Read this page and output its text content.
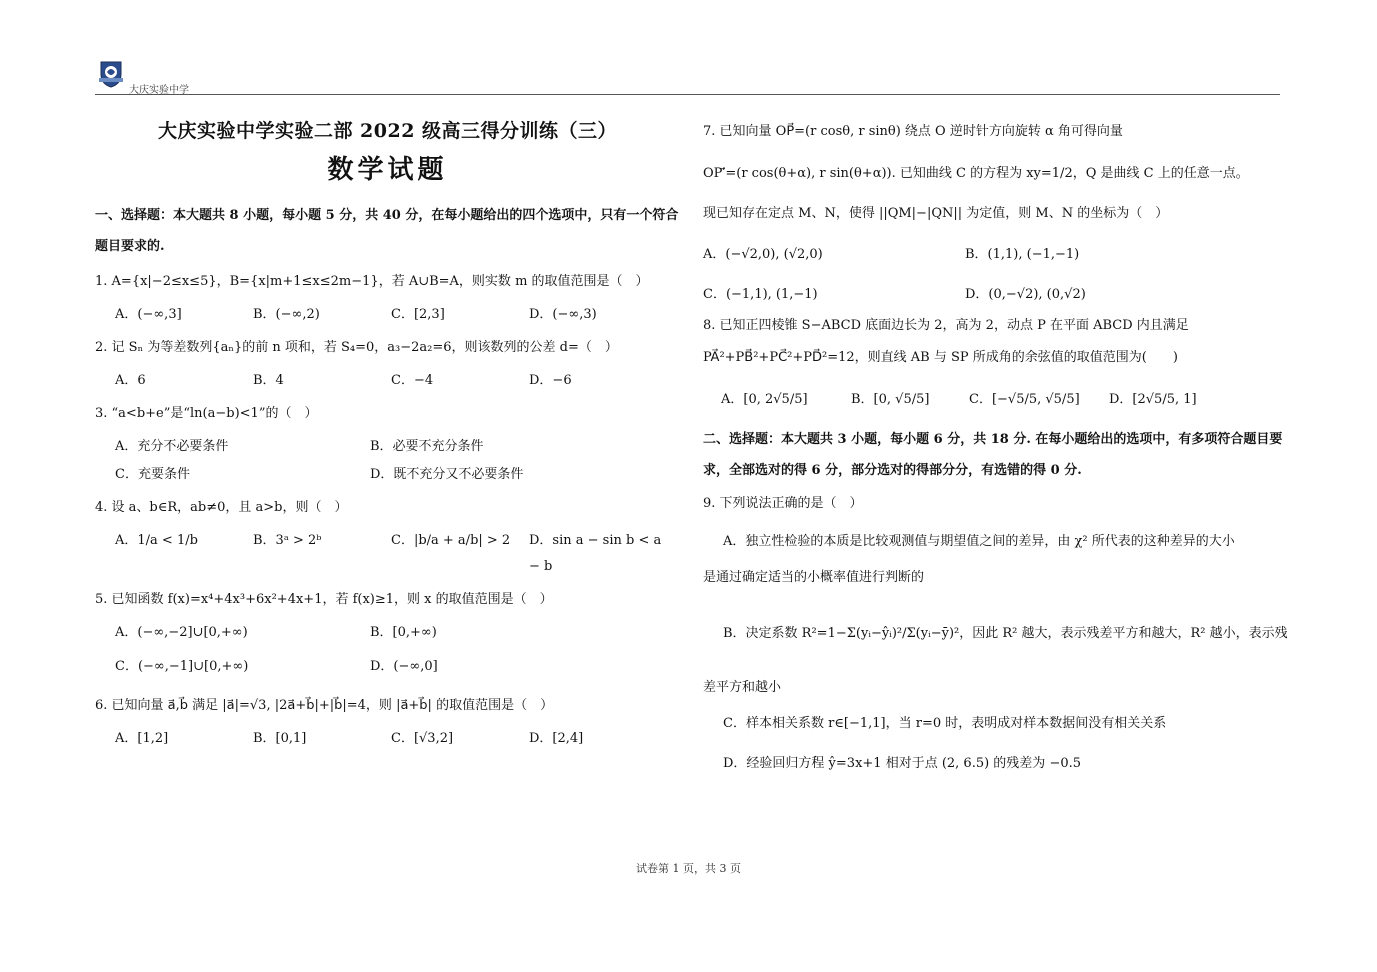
大庆实验中学
大庆实验中学实验二部 2022 级高三得分训练（三）
数学试题
一、选择题：本大题共 8 小题，每小题 5 分，共 40 分，在每小题给出的四个选项中，只有一个符合题目要求的.
1. A={x|−2≤x≤5}，B={x|m+1≤x≤2m−1}，若 A∪B=A，则实数 m 的取值范围是（　）
A．(−∞,3]	B．(−∞,2)	C．[2,3]	D．(−∞,3)
2. 记 Sₙ 为等差数列{aₙ}的前 n 项和，若 S₄=0，a₃−2a₂=6，则该数列的公差 d=（　）
A．6	B．4	C．−4	D．−6
3. “a<b+e”是“ln(a−b)<1”的（　）
A．充分不必要条件	B．必要不充分条件
C．充要条件	D．既不充分又不必要条件
4. 设 a、b∈R，ab≠0，且 a>b，则（　）
A．1/a < 1/b	B．3ᵃ > 2ᵇ	C．|b/a + a/b| > 2	D．sin a − sin b < a − b
5. 已知函数 f(x)=x⁴+4x³+6x²+4x+1，若 f(x)≥1，则 x 的取值范围是（　）
A．(−∞,−2]∪[0,+∞)	B．[0,+∞)
C．(−∞,−1]∪[0,+∞)	D．(−∞,0]
6. 已知向量 a⃗,b⃗ 满足 |a⃗|=√3, |2a⃗+b⃗|+|b⃗|=4，则 |a⃗+b⃗| 的取值范围是（　）
A．[1,2]	B．[0,1]	C．[√3,2]	D．[2,4]
7. 已知向量 OP⃗=(r cosθ, r sinθ) 绕点 O 逆时针方向旋转 α 角可得向量
OP′⃗=(r cos(θ+α), r sin(θ+α)). 已知曲线 C 的方程为 xy=1/2，Q 是曲线 C 上的任意一点。
现已知存在定点 M、N，使得 ||QM|−|QN|| 为定值，则 M、N 的坐标为（　）
A．(−√2,0), (√2,0)	B．(1,1), (−1,−1)
C．(−1,1), (1,−1)	D．(0,−√2), (0,√2)
8. 已知正四棱锥 S−ABCD 底面边长为 2，高为 2，动点 P 在平面 ABCD 内且满足
PA⃗²+PB⃗²+PC⃗²+PD⃗²=12，则直线 AB 与 SP 所成角的余弦值的取值范围为(　　)
A．[0, 2√5/5]	B．[0, √5/5]	C．[−√5/5, √5/5]	D．[2√5/5, 1]
二、选择题：本大题共 3 小题，每小题 6 分，共 18 分. 在每小题给出的选项中，有多项符合题目要求，全部选对的得 6 分，部分选对的得部分分，有选错的得 0 分.
9. 下列说法正确的是（　）
A．独立性检验的本质是比较观测值与期望值之间的差异，由 χ² 所代表的这种差异的大小
是通过确定适当的小概率值进行判断的
B．决定系数 R²=1−Σ(yᵢ−ŷᵢ)²/Σ(yᵢ−ȳ)²，因此 R² 越大，表示残差平方和越大，R² 越小，表示残
差平方和越小
C．样本相关系数 r∈[−1,1]，当 r=0 时，表明成对样本数据间没有相关关系
D．经验回归方程 ŷ=3x+1 相对于点 (2, 6.5) 的残差为 −0.5
试卷第 1 页，共 3 页
